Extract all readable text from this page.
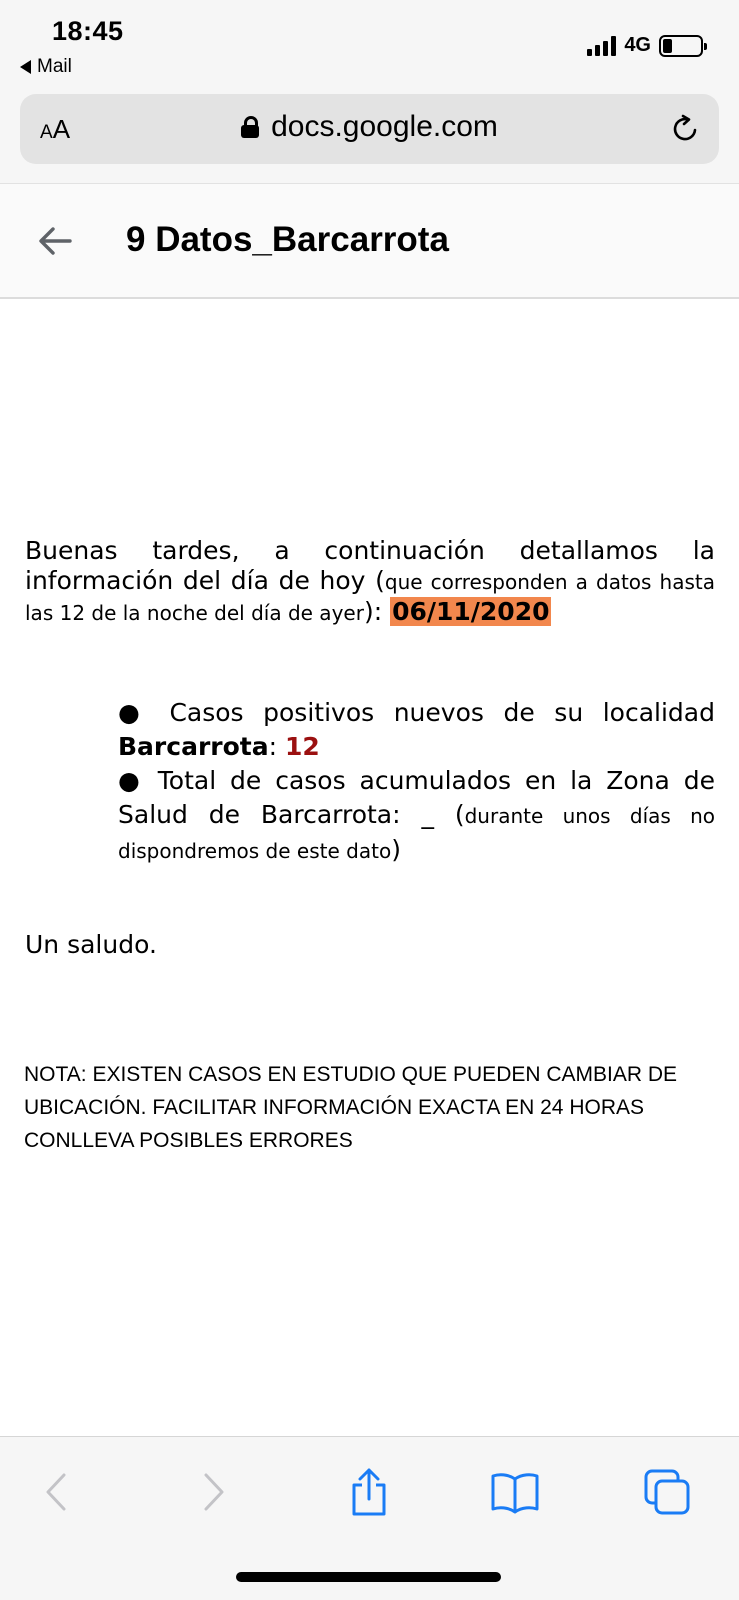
18:45
Mail
4G
A A	docs.google.com
9 Datos_Barcarrota

Buenas tardes, a continuación detallamos la información del día de hoy (que corresponden a datos hasta las 12 de la noche del día de ayer): 06/11/2020

● Casos positivos nuevos de su localidad Barcarrota: 12

● Total de casos acumulados en la Zona de Salud de Barcarrota: _ (durante unos días no dispondremos de este dato)

Un saludo.

NOTA: EXISTEN CASOS EN ESTUDIO QUE PUEDEN CAMBIAR DE UBICACIÓN. FACILITAR INFORMACIÓN EXACTA EN 24 HORAS CONLLEVA POSIBLES ERRORES
